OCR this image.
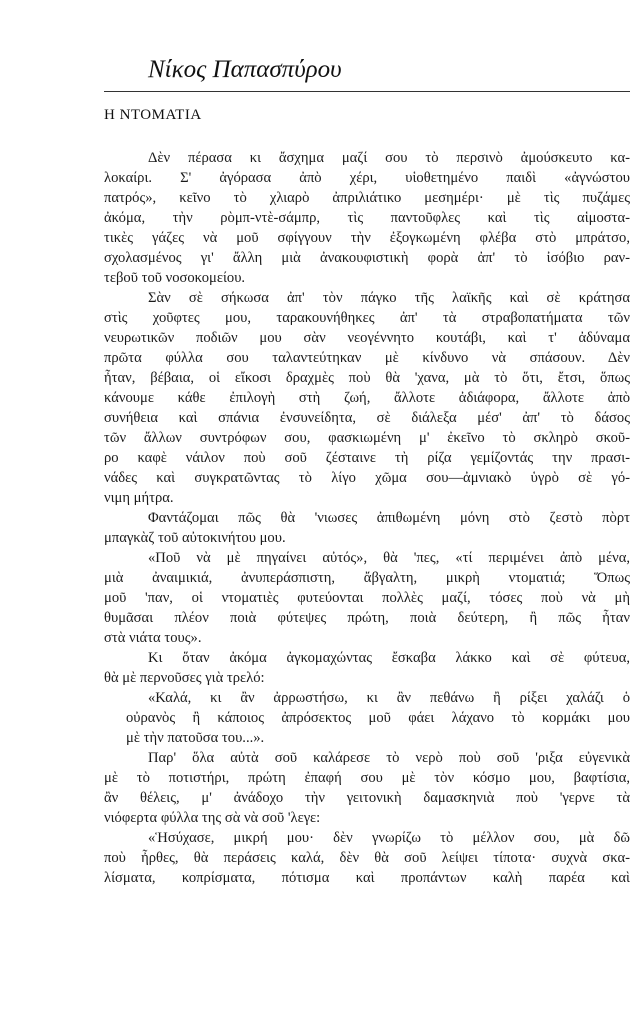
Νίκος Παπασπύρου
Η ΝΤΟΜΑΤΙΑ
Δὲν πέρασα κι ἄσχημα μαζί σου τὸ περσινὸ ἀμούσκευτο κα-
λοκαίρι. Σ' ἀγόρασα ἀπὸ χέρι, υἱοθετημένο παιδὶ «ἀγνώστου
πατρός», κεῖνο τὸ χλιαρὸ ἀπριλιάτικο μεσημέρι· μὲ τὶς πυζάμες
ἀκόμα, τὴν ρὸμπ-ντὲ-σάμπρ, τὶς παντοῦφλες καὶ τὶς αἱμοστα-
τικὲς γάζες νὰ μοῦ σφίγγουν τὴν ἐξογκωμένη φλέβα στὸ μπράτσο,
σχολασμένος γι' ἄλλη μιὰ ἀνακουφιστικὴ φορὰ ἀπ' τὸ ἰσόβιο ραν-
τεβοῦ τοῦ νοσοκομείου.
Σὰν σὲ σήκωσα ἀπ' τὸν πάγκο τῆς λαϊκῆς καὶ σὲ κράτησα
στὶς χοῦφτες μου, ταρακουνήθηκες ἀπ' τὰ στραβοπατήματα τῶν
νευρωτικῶν ποδιῶν μου σὰν νεογέννητο κουτάβι, καὶ τ' ἀδύναμα
πρῶτα φύλλα σου ταλαντεύτηκαν μὲ κίνδυνο νὰ σπάσουν. Δὲν
ἦταν, βέβαια, οἱ εἴκοσι δραχμὲς ποὺ θὰ 'χανα, μὰ τὸ ὅτι, ἔτσι, ὅπως
κάνουμε κάθε ἐπιλογὴ στὴ ζωή, ἄλλοτε ἀδιάφορα, ἄλλοτε ἀπὸ
συνήθεια καὶ σπάνια ἐνσυνείδητα, σὲ διάλεξα μέσ' ἀπ' τὸ δάσος
τῶν ἄλλων συντρόφων σου, φασκιωμένη μ' ἐκεῖνο τὸ σκληρὸ σκοῦ-
ρο καφὲ νάιλον ποὺ σοῦ ζέσταινε τὴ ρίζα γεμίζοντάς την πρασι-
νάδες καὶ συγκρατῶντας τὸ λίγο χῶμα σου—ἀμνιακὸ ὑγρὸ σὲ γό-
νιμη μήτρα.
Φαντάζομαι πῶς θὰ 'νιωσες ἀπιθωμένη μόνη στὸ ζεστὸ πὸρτ
μπαγκὰζ τοῦ αὐτοκινήτου μου.
«Ποῦ νὰ μὲ πηγαίνει αὐτός», θὰ 'πες, «τί περιμένει ἀπὸ μένα,
μιὰ ἀναιμικιά, ἀνυπεράσπιστη, ἄβγαλτη, μικρὴ ντοματιά; Ὅπως
μοῦ 'παν, οἱ ντοματιὲς φυτεύονται πολλὲς μαζί, τόσες ποὺ νὰ μὴ
θυμᾶσαι πλέον ποιὰ φύτεψες πρώτη, ποιὰ δεύτερη, ἢ πῶς ἦταν
στὰ νιάτα τους».
Κι ὅταν ἀκόμα ἀγκομαχώντας ἔσκαβα λάκκο καὶ σὲ φύτευα,
θὰ μὲ περνοῦσες γιὰ τρελό:
«Καλά, κι ἂν ἀρρωστήσω, κι ἂν πεθάνω ἢ ρίξει χαλάζι ὁ
οὐρανὸς ἢ κάποιος ἀπρόσεκτος μοῦ φάει λάχανο τὸ κορμάκι μου
μὲ τὴν πατοῦσα του...».
Παρ' ὅλα αὐτὰ σοῦ καλάρεσε τὸ νερὸ ποὺ σοῦ 'ριξα εὐγενικὰ
μὲ τὸ ποτιστήρι, πρώτη ἐπαφή σου μὲ τὸν κόσμο μου, βαφτίσια,
ἂν θέλεις, μ' ἀνάδοχο τὴν γειτονικὴ δαμασκηνιὰ ποὺ 'γερνε τὰ
νιόφερτα φύλλα της σὰ νὰ σοῦ 'λεγε:
«Ἡσύχασε, μικρή μου· δὲν γνωρίζω τὸ μέλλον σου, μὰ δῶ
ποὺ ἦρθες, θὰ περάσεις καλά, δὲν θὰ σοῦ λείψει τίποτα· συχνὰ σκα-
λίσματα, κοπρίσματα, πότισμα καὶ προπάντων καλὴ παρέα καὶ
